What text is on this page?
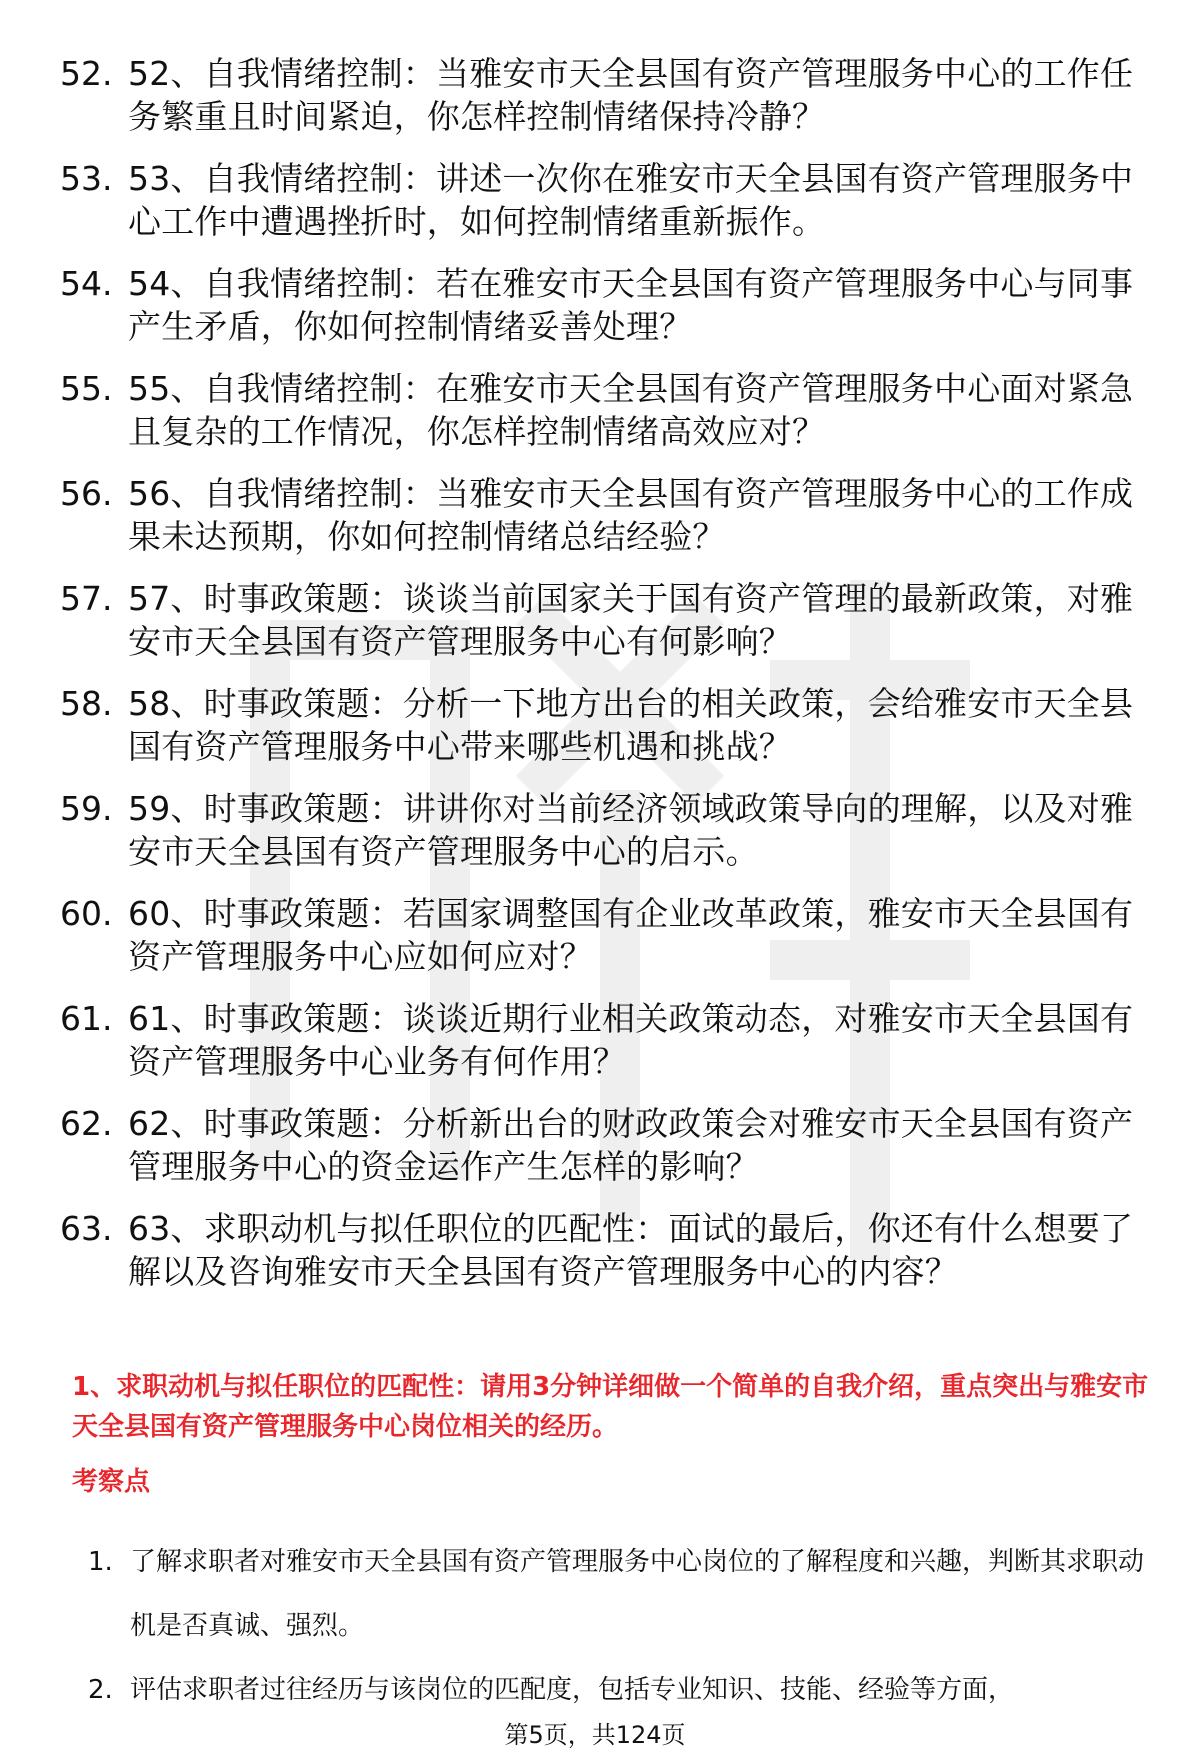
52. 52、自我情绪控制：当雅安市天全县国有资产管理服务中心的工作任务繁重且时间紧迫，你怎样控制情绪保持冷静？
53. 53、自我情绪控制：讲述一次你在雅安市天全县国有资产管理服务中心工作中遭遇挫折时，如何控制情绪重新振作。
54. 54、自我情绪控制：若在雅安市天全县国有资产管理服务中心与同事产生矛盾，你如何控制情绪妥善处理？
55. 55、自我情绪控制：在雅安市天全县国有资产管理服务中心面对紧急且复杂的工作情况，你怎样控制情绪高效应对？
56. 56、自我情绪控制：当雅安市天全县国有资产管理服务中心的工作成果未达预期，你如何控制情绪总结经验？
57. 57、时事政策题：谈谈当前国家关于国有资产管理的最新政策，对雅安市天全县国有资产管理服务中心有何影响？
58. 58、时事政策题：分析一下地方出台的相关政策，会给雅安市天全县国有资产管理服务中心带来哪些机遇和挑战？
59. 59、时事政策题：讲讲你对当前经济领域政策导向的理解，以及对雅安市天全县国有资产管理服务中心的启示。
60. 60、时事政策题：若国家调整国有企业改革政策，雅安市天全县国有资产管理服务中心应如何应对？
61. 61、时事政策题：谈谈近期行业相关政策动态，对雅安市天全县国有资产管理服务中心业务有何作用？
62. 62、时事政策题：分析新出台的财政政策会对雅安市天全县国有资产管理服务中心的资金运作产生怎样的影响？
63. 63、求职动机与拟任职位的匹配性：面试的最后，你还有什么想要了解以及咨询雅安市天全县国有资产管理服务中心的内容？
1、求职动机与拟任职位的匹配性：请用3分钟详细做一个简单的自我介绍，重点突出与雅安市天全县国有资产管理服务中心岗位相关的经历。
考察点
1. 了解求职者对雅安市天全县国有资产管理服务中心岗位的了解程度和兴趣，判断其求职动机是否真诚、强烈。
2. 评估求职者过往经历与该岗位的匹配度，包括专业知识、技能、经验等方面，
第5页，共124页
